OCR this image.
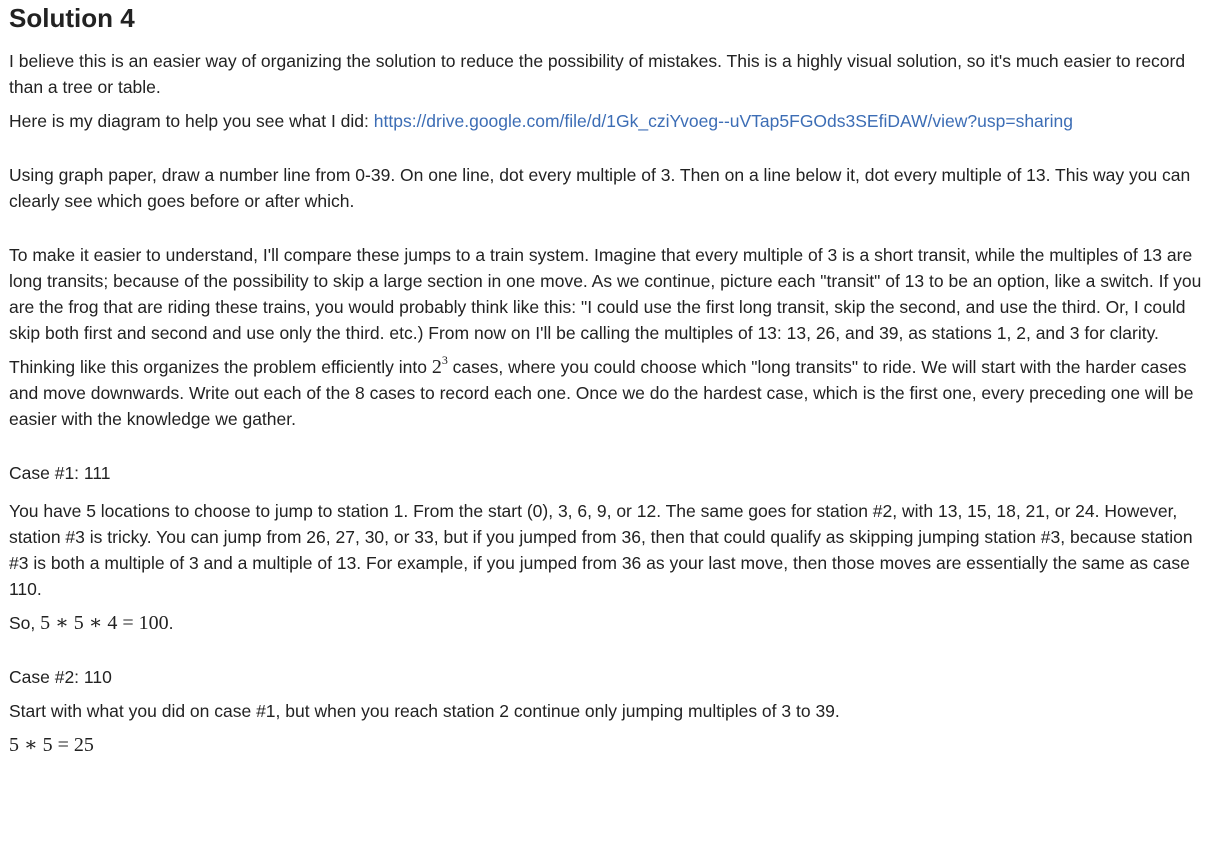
Solution 4

I believe this is an easier way of organizing the solution to reduce the possibility of mistakes. This is a highly visual solution, so it's much easier to record than a tree or table.

Here is my diagram to help you see what I did: https://drive.google.com/file/d/1Gk_cziYvoeg--uVTap5FGOds3SEfiDAW/view?usp=sharing

Using graph paper, draw a number line from 0-39. On one line, dot every multiple of 3. Then on a line below it, dot every multiple of 13. This way you can clearly see which goes before or after which.

To make it easier to understand, I'll compare these jumps to a train system. Imagine that every multiple of 3 is a short transit, while the multiples of 13 are long transits; because of the possibility to skip a large section in one move. As we continue, picture each "transit" of 13 to be an option, like a switch. If you are the frog that are riding these trains, you would probably think like this: "I could use the first long transit, skip the second, and use the third. Or, I could skip both first and second and use only the third. etc.) From now on I'll be calling the multiples of 13: 13, 26, and 39, as stations 1, 2, and 3 for clarity.

Thinking like this organizes the problem efficiently into $2^3$ cases, where you could choose which "long transits" to ride. We will start with the harder cases and move downwards. Write out each of the 8 cases to record each one. Once we do the hardest case, which is the first one, every preceding one will be easier with the knowledge we gather.

Case #1: 111

You have 5 locations to choose to jump to station 1. From the start (0), 3, 6, 9, or 12. The same goes for station #2, with 13, 15, 18, 21, or 24. However, station #3 is tricky. You can jump from 26, 27, 30, or 33, but if you jumped from 36, then that could qualify as skipping jumping station #3, because station #3 is both a multiple of 3 and a multiple of 13. For example, if you jumped from 36 as your last move, then those moves are essentially the same as case 110.

So, 5 ∗ 5 ∗ 4 = 100.

Case #2: 110

Start with what you did on case #1, but when you reach station 2 continue only jumping multiples of 3 to 39.

5 ∗ 5 = 25
